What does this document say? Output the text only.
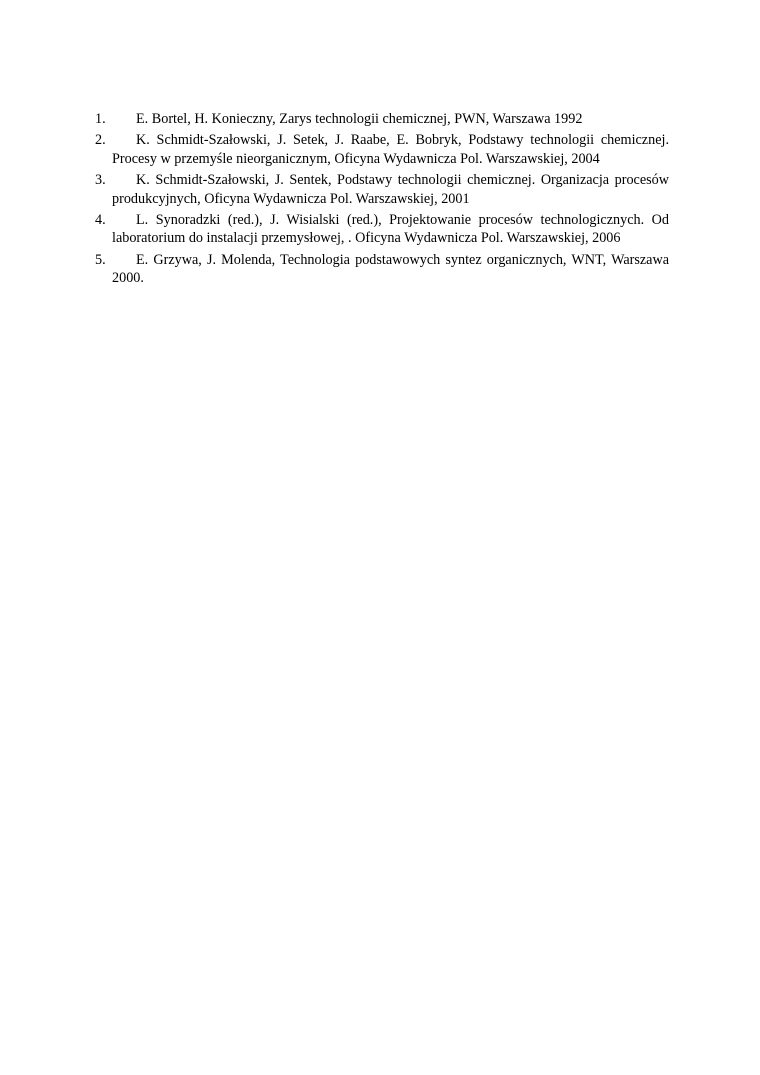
1.	E. Bortel, H. Konieczny, Zarys technologii chemicznej, PWN, Warszawa 1992
2.	K. Schmidt-Szałowski, J. Setek, J. Raabe, E. Bobryk, Podstawy technologii chemicznej. Procesy w przemyśle nieorganicznym, Oficyna Wydawnicza Pol. Warszawskiej, 2004
3.	K. Schmidt-Szałowski, J. Sentek, Podstawy technologii chemicznej. Organizacja procesów produkcyjnych, Oficyna Wydawnicza Pol. Warszawskiej, 2001
4.	L. Synoradzki (red.), J. Wisialski (red.), Projektowanie procesów technologicznych. Od laboratorium do instalacji przemysłowej, . Oficyna Wydawnicza Pol. Warszawskiej, 2006
5.	E. Grzywa, J. Molenda, Technologia podstawowych syntez organicznych, WNT, Warszawa 2000.
